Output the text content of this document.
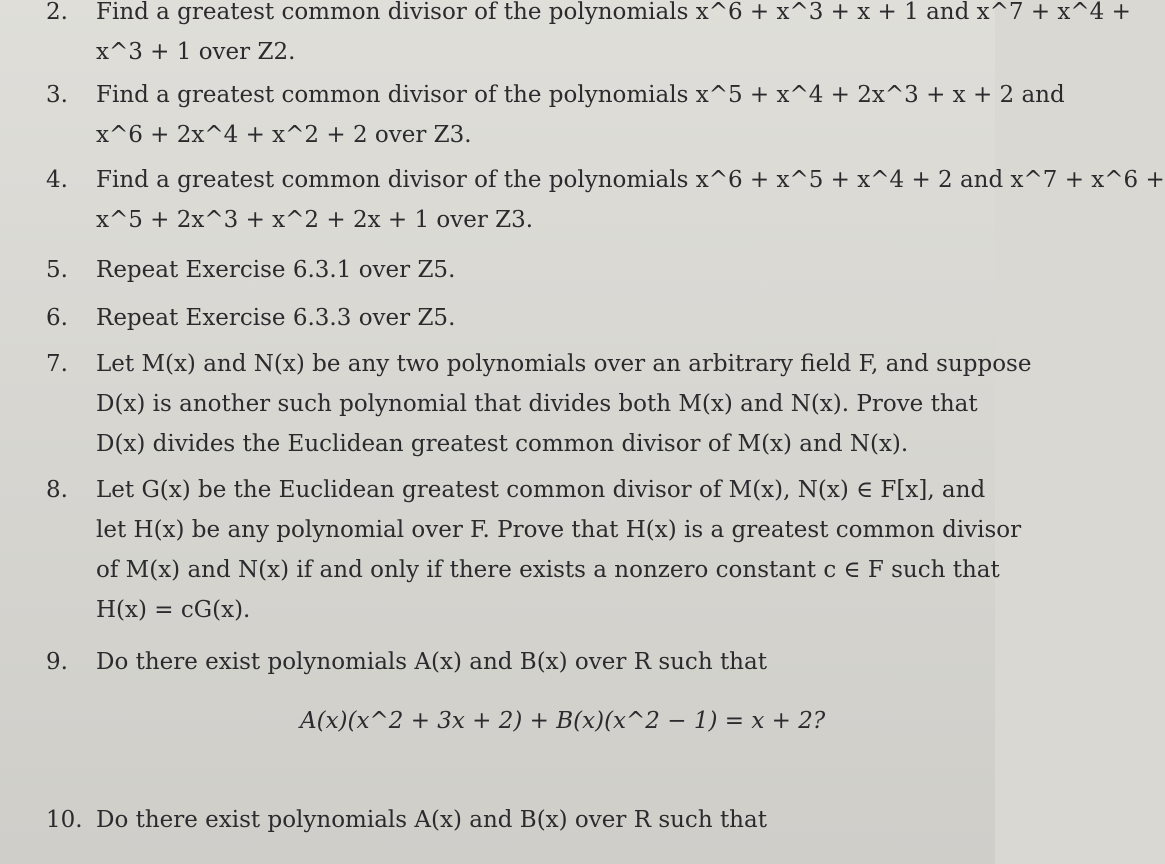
2.	Find a greatest common divisor of the polynomials x^6 + x^3 + x + 1 and x^7 + x^4 +
x^3 + 1 over Z2.
3.	Find a greatest common divisor of the polynomials x^5 + x^4 + 2x^3 + x + 2 and
x^6 + 2x^4 + x^2 + 2 over Z3.
4.	Find a greatest common divisor of the polynomials x^6 + x^5 + x^4 + 2 and x^7 + x^6 +
x^5 + 2x^3 + x^2 + 2x + 1 over Z3.
5.	Repeat Exercise 6.3.1 over Z5.
6.	Repeat Exercise 6.3.3 over Z5.
7.	Let M(x) and N(x) be any two polynomials over an arbitrary field F, and suppose
D(x) is another such polynomial that divides both M(x) and N(x). Prove that
D(x) divides the Euclidean greatest common divisor of M(x) and N(x).
8.	Let G(x) be the Euclidean greatest common divisor of M(x), N(x) ∈ F[x], and
let H(x) be any polynomial over F. Prove that H(x) is a greatest common divisor
of M(x) and N(x) if and only if there exists a nonzero constant c ∈ F such that
H(x) = cG(x).
9.	Do there exist polynomials A(x) and B(x) over R such that
A(x)(x^2 + 3x + 2) + B(x)(x^2 − 1) = x + 2?
10. Do there exist polynomials A(x) and B(x) over R such that
